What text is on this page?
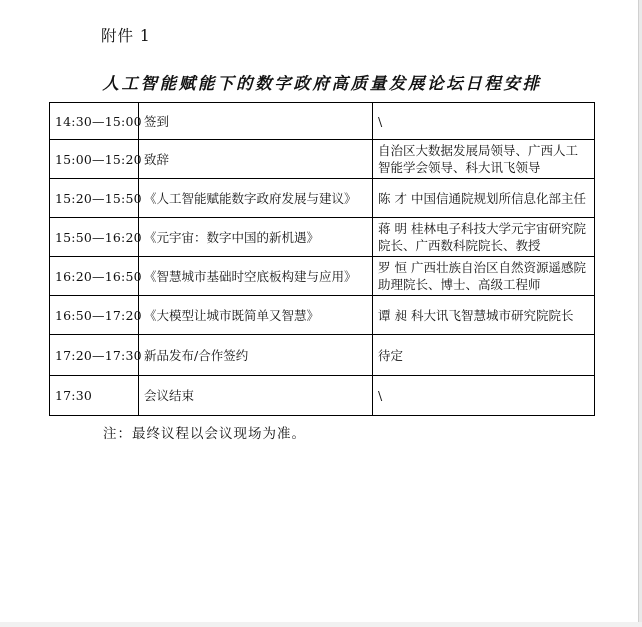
附件 1
人工智能赋能下的数字政府高质量发展论坛日程安排
14:30—15:00	签到	\
15:00—15:20	致辞	自治区大数据发展局领导、广西人工智能学会领导、科大讯飞领导
15:20—15:50	《人工智能赋能数字政府发展与建议》	陈 才 中国信通院规划所信息化部主任
15:50—16:20	《元宇宙：数字中国的新机遇》	蒋 明 桂林电子科技大学元宇宙研究院院长、广西数科院院长、教授
16:20—16:50	《智慧城市基础时空底板构建与应用》	罗 恒 广西壮族自治区自然资源遥感院助理院长、博士、高级工程师
16:50—17:20	《大模型让城市既简单又智慧》	谭 昶 科大讯飞智慧城市研究院院长
17:20—17:30	新品发布/合作签约	待定
17:30	会议结束	\
注：最终议程以会议现场为准。
